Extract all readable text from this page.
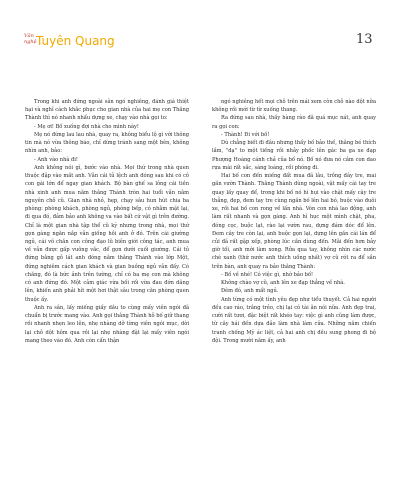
Văn
nghệ Tuyên Quang	13

Trong khi anh đứng ngoài sân ngó nghiêng, đánh giá thiệt hại và nghĩ cách khắc phục cho gian nhà của hai mẹ con Thắng Thành thì nó nhanh nhẩu dựng xe, chạy vào nhà gọi to:

- Mẹ ơi! Bố xuống đợi nhà cho mình này!

Mẹ nó đứng lau lau nhà, quay ra, không biểu lộ gì với thông tin mà nó vừa thông báo, chỉ dừng tránh sang một bên, không nhìn anh, bảo:

- Anh vào nhà đi!

Anh không nói gì, bước vào nhà. Mọi thứ trong nhà quen thuộc đập vào mắt anh. Vẫn cái tủ lệch anh đóng sau khi có cô con gái lớn để ngay gian khách. Bộ bàn ghế sa lông cái tiền nhà xinh anh mua năm thằng Thành tròn hai tuổi vẫn nằm nguyên chỗ cũ. Gian nhà nhỏ, hẹp, chạy sâu hun hút chia ba phòng: phòng khách, phòng ngủ, phòng bếp, có nhằm mặt lại, đi qua đó, đảm bảo anh không va vào bất cứ vật gì trên đường. Chỉ là một gian nhà tập thể cũ kỹ nhưng trong nhà, mọi thứ gọn gàng ngăn nắp vẫn giống hồi anh ở đó. Trên cái giường ngủ, cái võ chăn con công đạo lũ biên giới công tác, anh mua về vẫn được gấp vuông vắc, để gọn dưới cuối giường. Cái tủ đứng bằng gỗ lát anh đóng năm thằng Thành vào lớp Một, đứng nghiêm cách gian khách và gian buồng ngủ vẫn đấy. Có chăng, đó là bức ảnh trên tường, chỉ có ba mẹ con mà không có anh đứng đó. Một cảm giác vừa bối rối vừa đau đớn dâng lên, khiến anh phải hít một hơi thật sâu trong căn phòng quen thuộc ấy.

Anh ra sân, lấy miếng giấy dầu to cùng mấy viên ngói đã chuẩn bị trước mang vào. Anh gọi thằng Thành hỗ bố giữ thang rồi nhanh nhẹn leo lên, nhẹ nhàng dỡ từng viên ngói mục, dời lại chỗ dột hôm qua rồi lại nhẹ nhàng đặt lại mấy viên ngói mang theo vào đó. Anh còn cẩn thận

ngó nghiêng hết mọi chỗ trên mái xem còn chỗ nào dột nữa không rồi mới từ từ xuống thang.

Ra đứng sau nhà, thấy hàng rào đã quá mục nát, anh quay ra gọi con:

- Thành! Đi với bố!

Dù chẳng biết đi đâu nhưng thấy bố bảo thế, thằng bé thích lắm, "dạ" to một tiếng rồi nhảy phốc lên gác ba ga xe đạp Phượng Hoàng cánh chả của bố nó. Bố nó đưa nó cắm con dao rựa mài rất sắc, sáng loáng, rồi phóng đi.

Hai bố con đến miếng đất mua đã lâu, trồng đây tre, mai gần vườn Thành. Thằng Thành dùng ngoài, vật mấy cái tay tre quay lấy quay để, trong khi bố nó hì hụi vào chặt mấy cây tre thẳng, đẹp, đem tay tre cùng ngắn bó lên hai bó, buộc vào đuôi xe, rồi hai bố con rong về lấn nhà. Vòn con nhà lao động, anh làm rất nhanh và gọn gàng. Anh hì hục một mình chặt, pha, đóng cọc, buộc lạt, rào lại vườn rau, dựng đám dóc đổ lên. Đem cây tre còn lại, anh buộc gọn lại, dựng lên gần cái lán để củi đã rất gặp xếp, phòng lúc cần dùng đến. Mãi đến hơn bảy giờ tối, anh mới làm xong. Rửa qua tay, không nhìn các nước chè xanh (thứ nước anh thích uống nhất) vợ cũ rót ra để sẵn trên bàn, anh quay ra bảo thằng Thành:

- Bố về nhé! Có việc gì, nhờ bảo bố!

Không chào vợ cũ, anh lên xe đạp thẳng về nhà.

Đêm đó, anh mất ngủ.

Anh từng có một tình yêu đẹp như tiểu thuyết. Cả hai người đều cao ráo, trắng trẻo, chị lại có tài ăn nói nữa. Anh đẹp trai, cười rất tươi, đặc biệt rất khéo tay: việc gì anh cũng làm được, từ cây hái đến dựa đảo làm nhà làm cửa. Những năm chiến tranh chống Mỹ ác liệt, cả hai anh chị đều sung phong đi bộ đội. Trong mười năm ấy, anh
